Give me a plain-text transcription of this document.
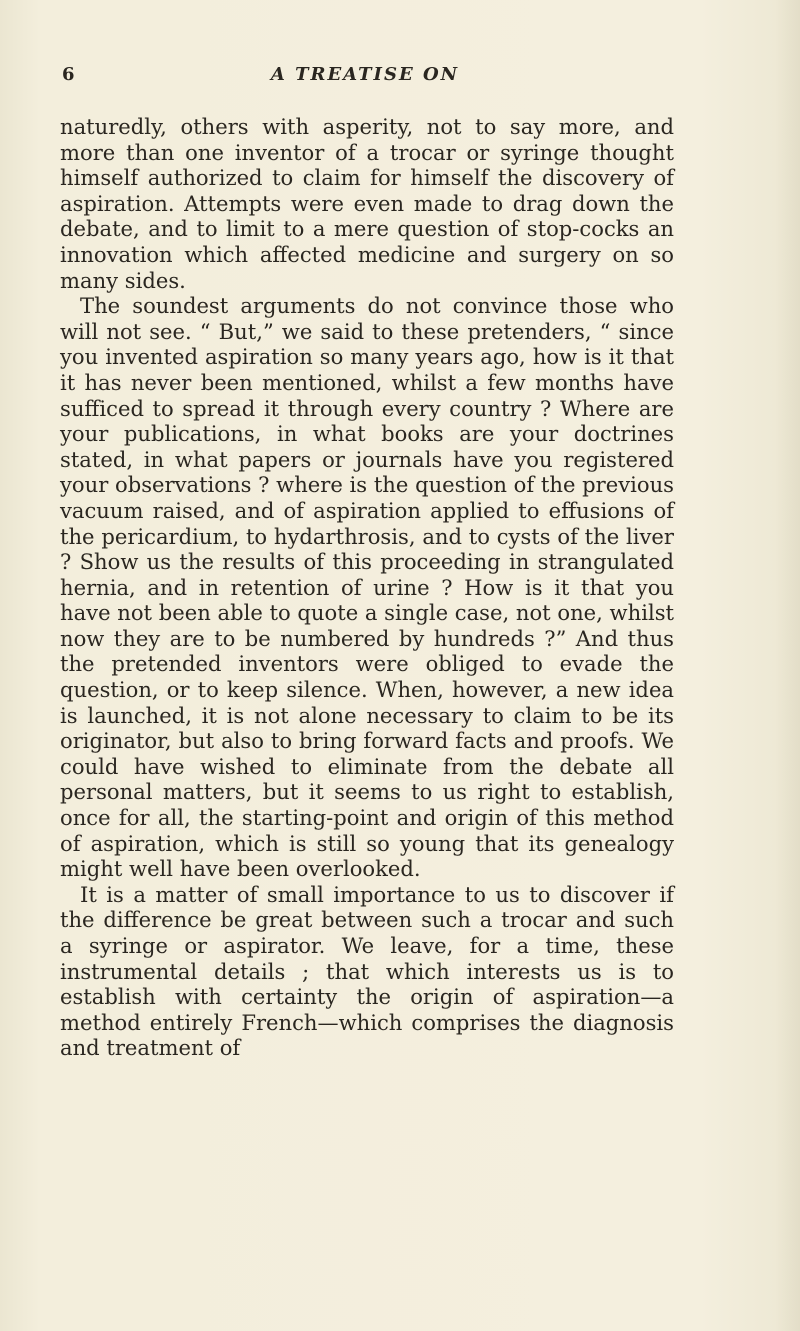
6	A TREATISE ON

naturedly, others with asperity, not to say more, and more than one inventor of a trocar or syringe thought himself authorized to claim for himself the discovery of aspiration. Attempts were even made to drag down the debate, and to limit to a mere question of stop-cocks an innovation which affected medicine and surgery on so many sides.

The soundest arguments do not convince those who will not see. “ But,” we said to these pretenders, “ since you invented aspiration so many years ago, how is it that it has never been mentioned, whilst a few months have sufficed to spread it through every country ? Where are your publications, in what books are your doctrines stated, in what papers or journals have you registered your observations ? where is the question of the previous vacuum raised, and of aspiration applied to effusions of the pericardium, to hydarthrosis, and to cysts of the liver ? Show us the results of this proceeding in strangulated hernia, and in retention of urine ? How is it that you have not been able to quote a single case, not one, whilst now they are to be numbered by hundreds ?” And thus the pretended inventors were obliged to evade the question, or to keep silence. When, however, a new idea is launched, it is not alone necessary to claim to be its originator, but also to bring forward facts and proofs. We could have wished to eliminate from the debate all personal matters, but it seems to us right to establish, once for all, the starting-point and origin of this method of aspiration, which is still so young that its genealogy might well have been overlooked.

It is a matter of small importance to us to discover if the difference be great between such a trocar and such a syringe or aspirator. We leave, for a time, these instrumental details ; that which interests us is to establish with certainty the origin of aspiration—a method entirely French—which comprises the diagnosis and treatment of
